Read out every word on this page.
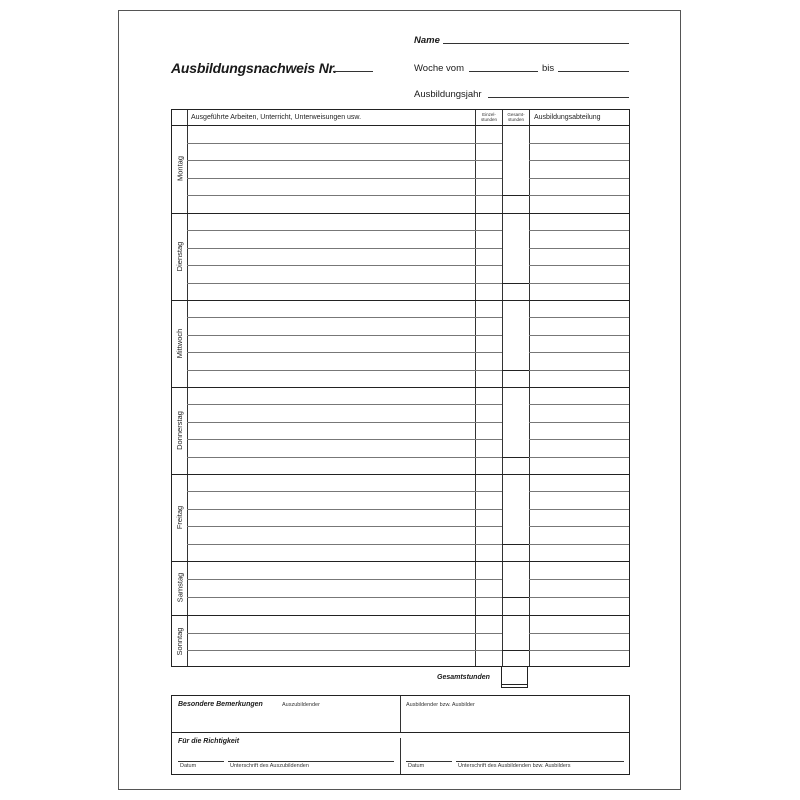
Name
Ausbildungsnachweis Nr.	Woche vom	bis
Ausbildungsjahr
Ausgeführte Arbeiten, Unterricht, Unterweisungen usw.	Einzel-
stunden
Gesamt-
stunden	Ausbildungsabteilung
Montag
Dienstag
Mittwoch
Donnerstag
Freitag
Samstag
Sonntag
Gesamtstunden
Besondere Bemerkungen	Auszubildender	Ausbildender bzw. Ausbilder
Für die Richtigkeit
Datum	Unterschrift des Auszubildenden	Datum	Unterschrift des Ausbildenden bzw. Ausbilders
